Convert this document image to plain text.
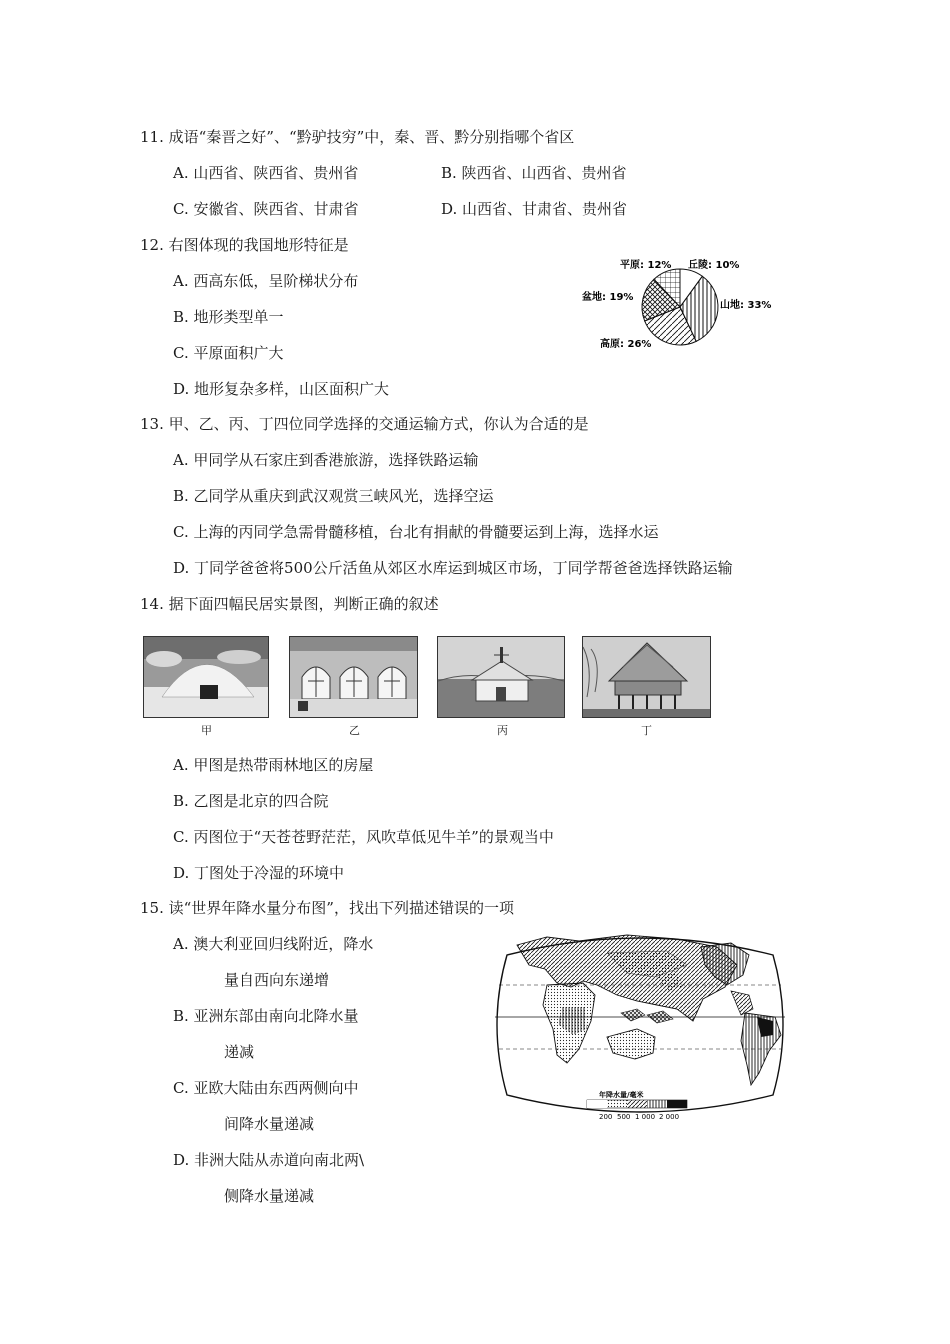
11. 成语“秦晋之好”、“黔驴技穷”中，秦、晋、黔分别指哪个省区
A. 山西省、陕西省、贵州省	B. 陕西省、山西省、贵州省
C. 安徽省、陕西省、甘肃省	D. 山西省、甘肃省、贵州省
12. 右图体现的我国地形特征是
A. 西高东低，呈阶梯状分布
B. 地形类型单一
C. 平原面积广大
D. 地形复杂多样，山区面积广大
平原: 12% 丘陵: 10%
盆地: 19%
山地: 33%
高原: 26%
13. 甲、乙、丙、丁四位同学选择的交通运输方式，你认为合适的是
A. 甲同学从石家庄到香港旅游，选择铁路运输
B. 乙同学从重庆到武汉观赏三峡风光，选择空运
C. 上海的丙同学急需骨髓移植，台北有捐献的骨髓要运到上海，选择水运
D. 丁同学爸爸将500公斤活鱼从郊区水库运到城区市场，丁同学帮爸爸选择铁路运输
14. 据下面四幅民居实景图，判断正确的叙述
甲	乙	丙	丁
A. 甲图是热带雨林地区的房屋
B. 乙图是北京的四合院
C. 丙图位于“天苍苍野茫茫，风吹草低见牛羊”的景观当中
D. 丁图处于冷湿的环境中
15. 读“世界年降水量分布图”，找出下列描述错误的一项
A. 澳大利亚回归线附近，降水
量自西向东递增
B. 亚洲东部由南向北降水量
递减
C. 亚欧大陆由东西两侧向中
间降水量递减
D. 非洲大陆从赤道向南北两\
侧降水量递减
年降水量/毫米
200 500 1 000 2 000
